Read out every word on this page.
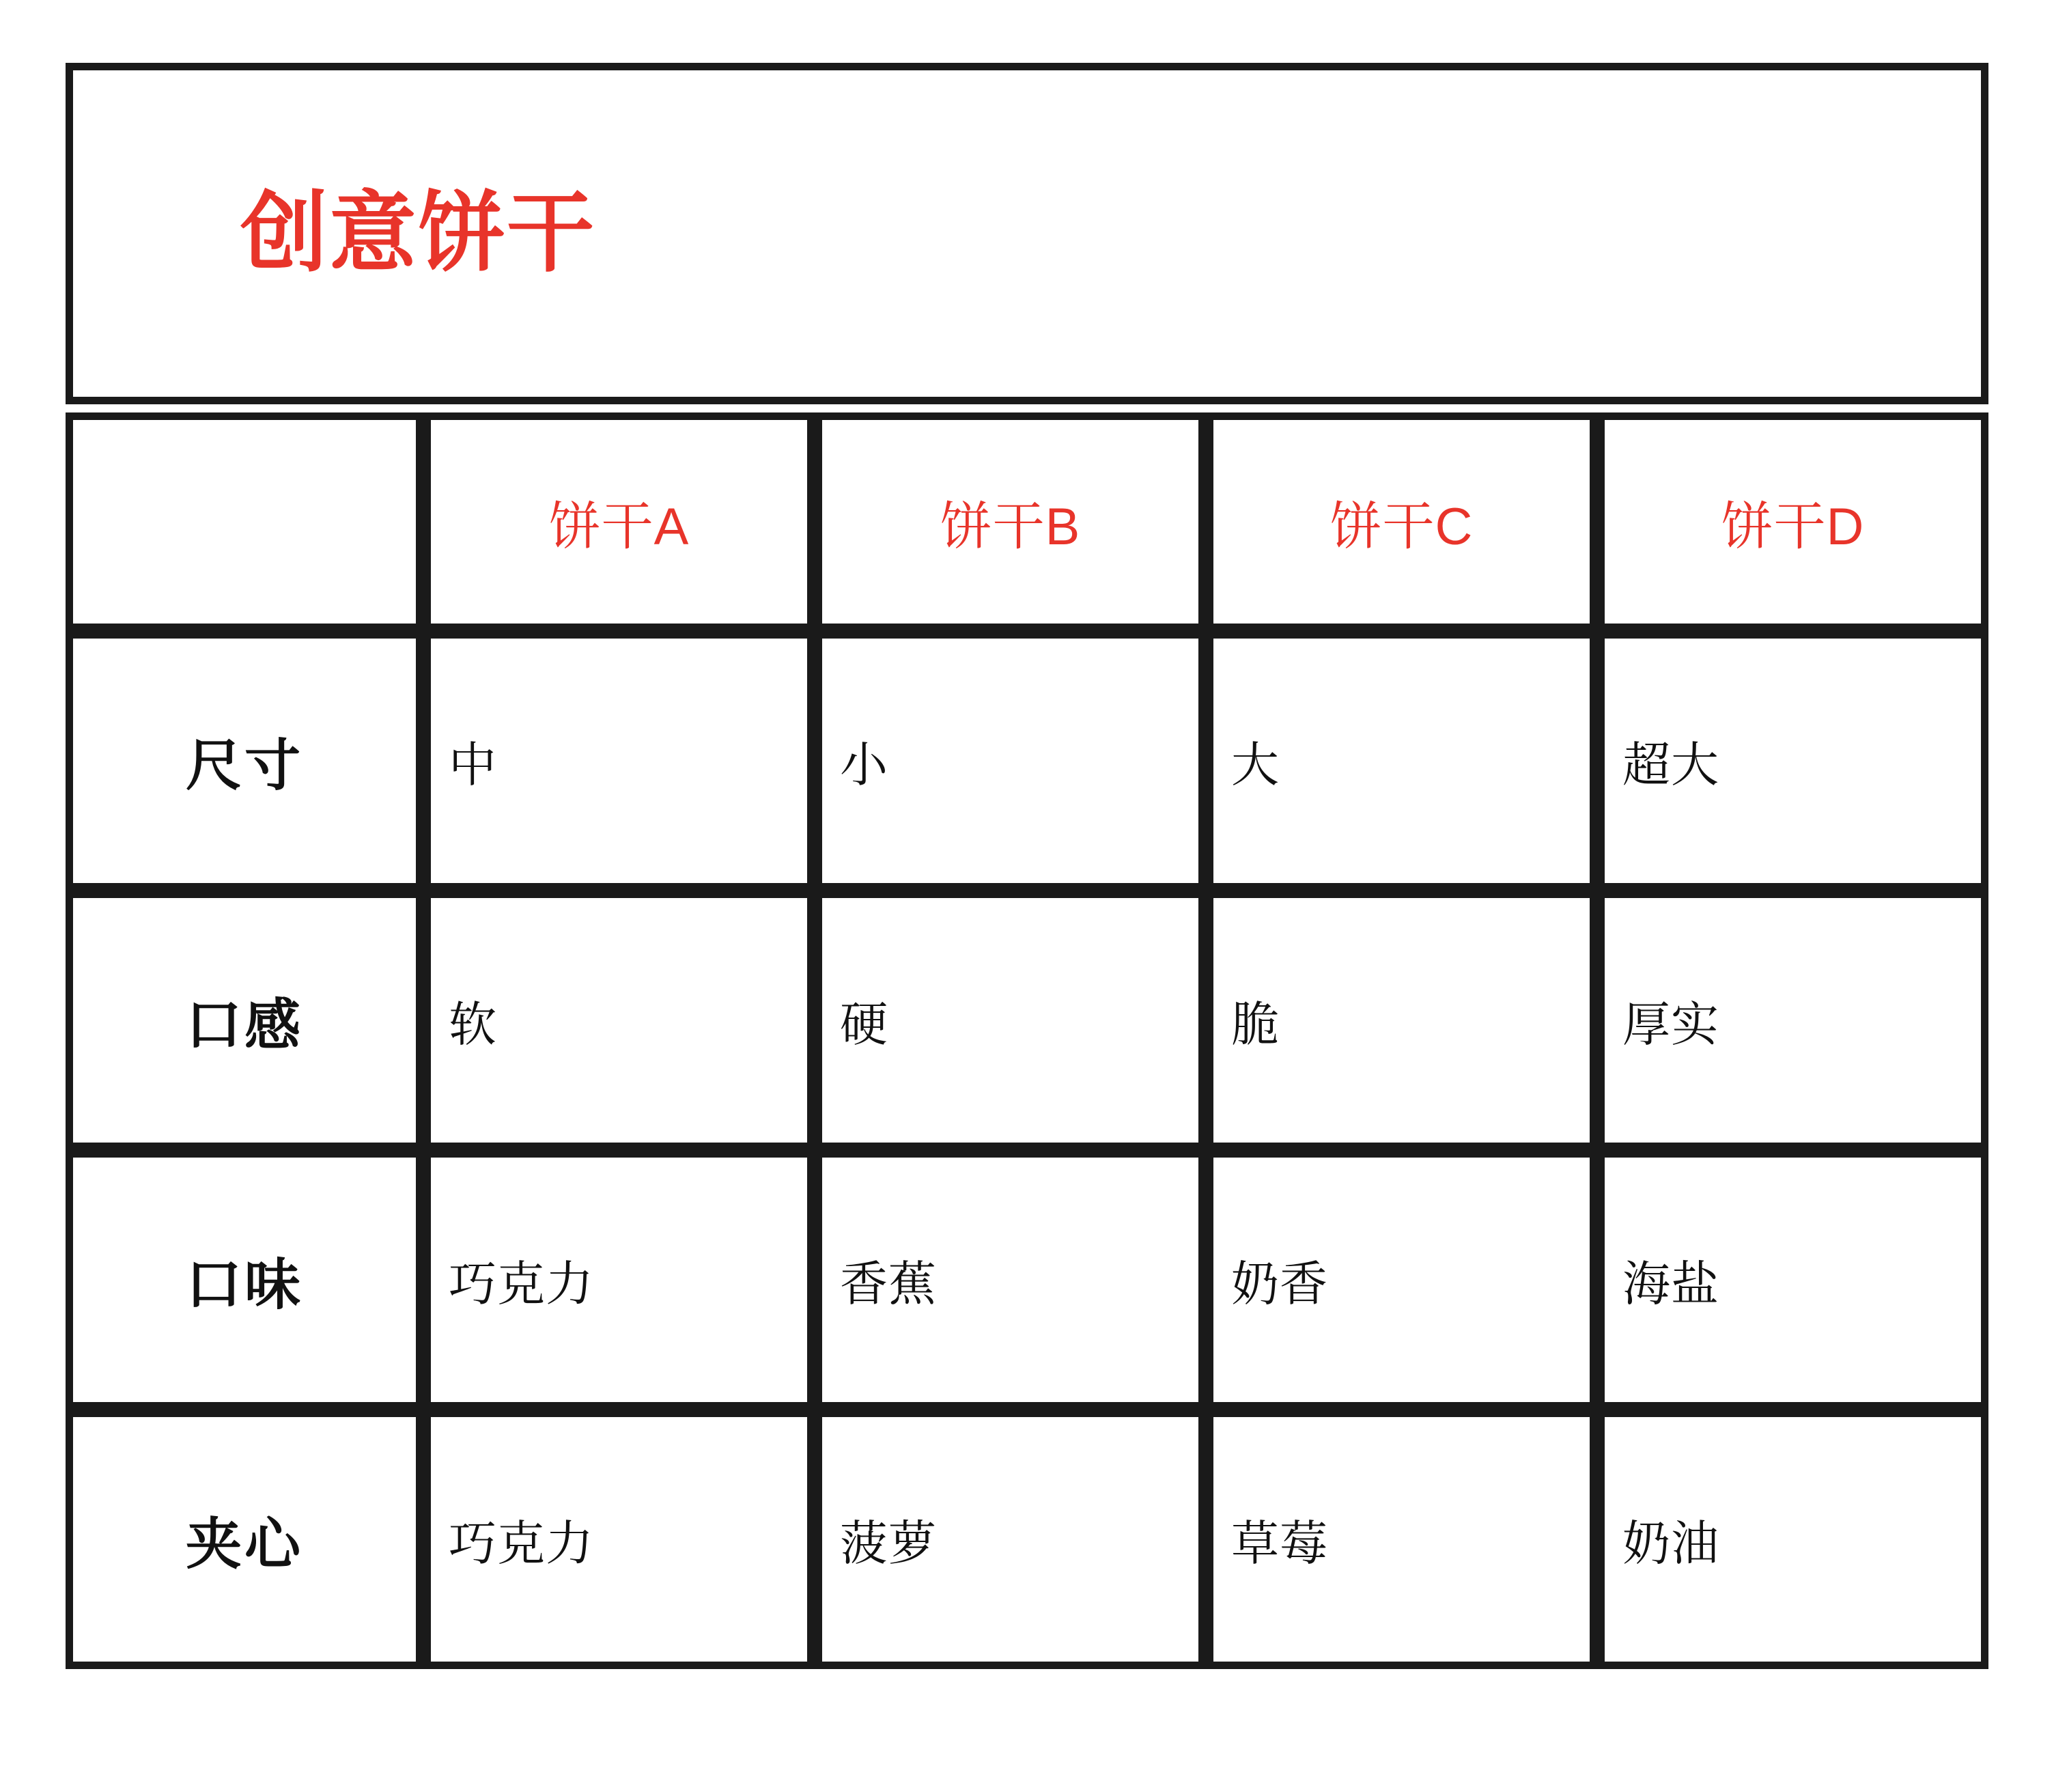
创意饼干
	饼干A	饼干B	饼干C	饼干D
尺寸	中	小	大	超大
口感	软	硬	脆	厚实
口味	巧克力	香蕉	奶香	海盐
夹心	巧克力	菠萝	草莓	奶油
